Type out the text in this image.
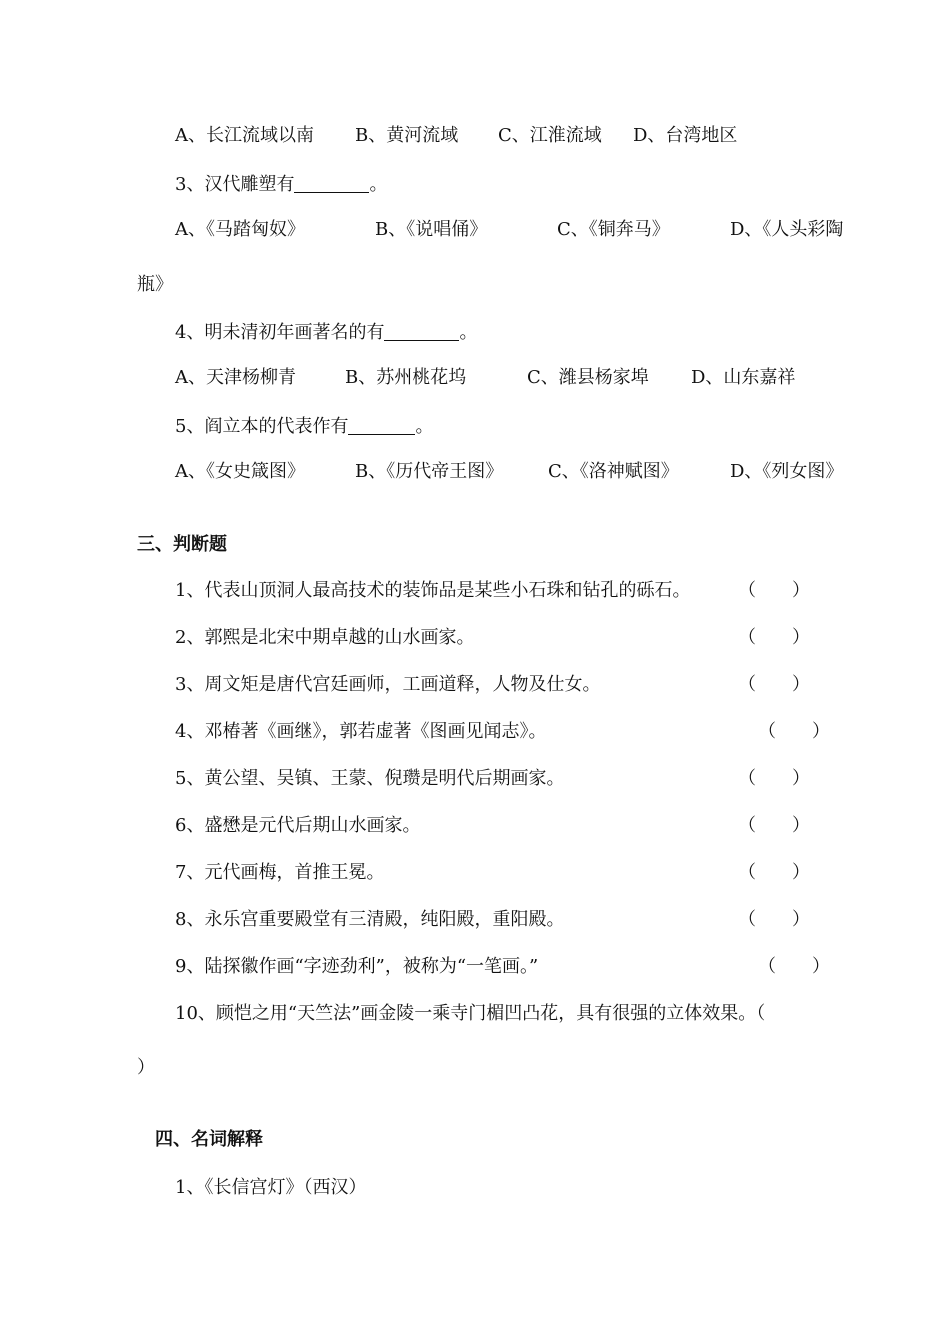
A、长江流域以南 B、黄河流域 C、江淮流域 D、台湾地区
3、汉代雕塑有	。
A、《马踏匈奴》	B、《说唱俑》	C、《铜奔马》	D、《人头彩陶
瓶》
4、明未清初年画著名的有	。
A、天津杨柳青	B、苏州桃花坞	C、潍县杨家埠 D、山东嘉祥
5、阎立本的代表作有	。
A、《女史箴图》	B、《历代帝王图》 C、《洛神赋图》	D、《列女图》
三、判断题
1、代表山顶洞人最高技术的装饰品是某些小石珠和钻孔的砾石。	（　　）
2、郭熙是北宋中期卓越的山水画家。	（　　）
3、周文矩是唐代宫廷画师，工画道释，人物及仕女。	（　　）
4、邓椿著《画继》，郭若虚著《图画见闻志》。	（　　）
5、黄公望、吴镇、王蒙、倪瓒是明代后期画家。	（　　）
6、盛懋是元代后期山水画家。	（　　）
7、元代画梅，首推王冕。	（　　）
8、永乐宫重要殿堂有三清殿，纯阳殿，重阳殿。	（　　）
9、陆探徽作画“字迹劲利”，被称为“一笔画。”	（　　）
10、顾恺之用“天竺法”画金陵一乘寺门楣凹凸花，具有很强的立体效果。（
）
四、名词解释
1、《长信宫灯》（西汉）
